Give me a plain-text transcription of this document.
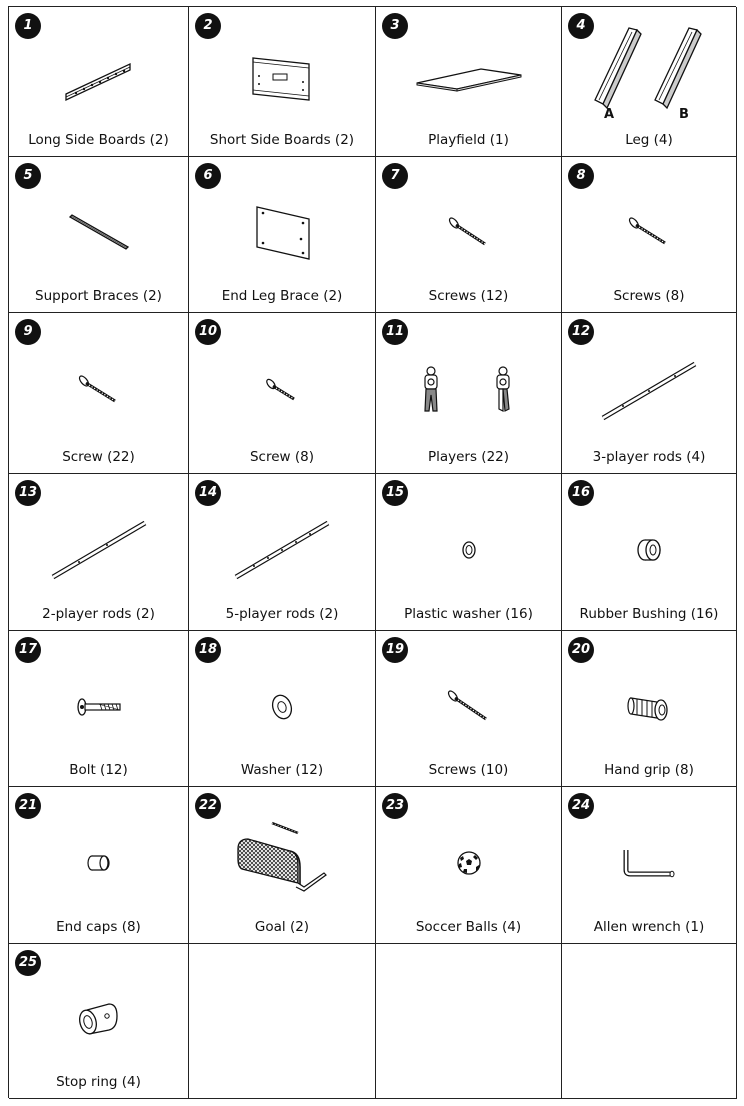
1
Long Side Boards (2)
2
Short Side Boards (2)
3
Playfield (1)
4
A	B
Leg (4)
5
Support Braces (2)
6
End Leg Brace (2)
7
Screws (12)
8
Screws (8)
9
Screw (22)
10
Screw (8)
11
Players (22)
12
3-player rods (4)
13
2-player rods (2)
14
5-player rods (2)
15
Plastic washer (16)
16
Rubber Bushing (16)
17
Bolt (12)
18
Washer (12)
19
Screws (10)
20
Hand grip (8)
21
End caps (8)
22
Goal (2)
23
Soccer Balls (4)
24
Allen wrench (1)
25
Stop ring (4)
